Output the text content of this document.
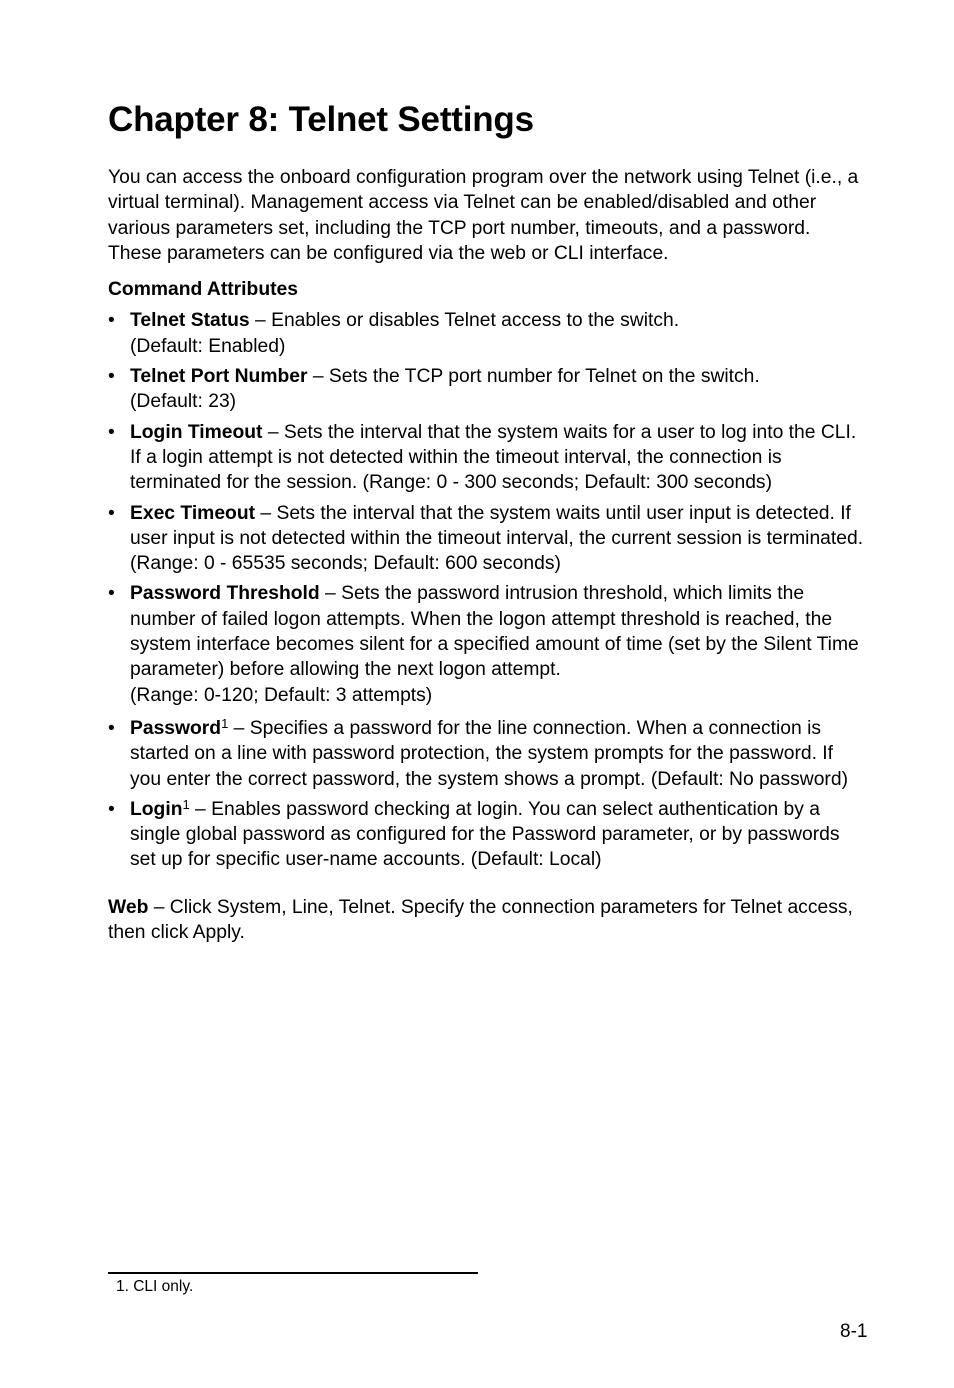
Chapter 8: Telnet Settings

You can access the onboard configuration program over the network using Telnet (i.e., a virtual terminal). Management access via Telnet can be enabled/disabled and other various parameters set, including the TCP port number, timeouts, and a password. These parameters can be configured via the web or CLI interface.

Command Attributes

• Telnet Status – Enables or disables Telnet access to the switch.
(Default: Enabled)
• Telnet Port Number – Sets the TCP port number for Telnet on the switch.
(Default: 23)
• Login Timeout – Sets the interval that the system waits for a user to log into the CLI. If a login attempt is not detected within the timeout interval, the connection is terminated for the session. (Range: 0 - 300 seconds; Default: 300 seconds)
• Exec Timeout – Sets the interval that the system waits until user input is detected. If user input is not detected within the timeout interval, the current session is terminated. (Range: 0 - 65535 seconds; Default: 600 seconds)
• Password Threshold – Sets the password intrusion threshold, which limits the number of failed logon attempts. When the logon attempt threshold is reached, the system interface becomes silent for a specified amount of time (set by the Silent Time parameter) before allowing the next logon attempt.
(Range: 0-120; Default: 3 attempts)
• Password$^1$ – Specifies a password for the line connection. When a connection is started on a line with password protection, the system prompts for the password. If you enter the correct password, the system shows a prompt. (Default: No password)
• Login$^1$ – Enables password checking at login. You can select authentication by a single global password as configured for the Password parameter, or by passwords set up for specific user-name accounts. (Default: Local)

Web – Click System, Line, Telnet. Specify the connection parameters for Telnet access, then click Apply.

1. CLI only.
8-1
